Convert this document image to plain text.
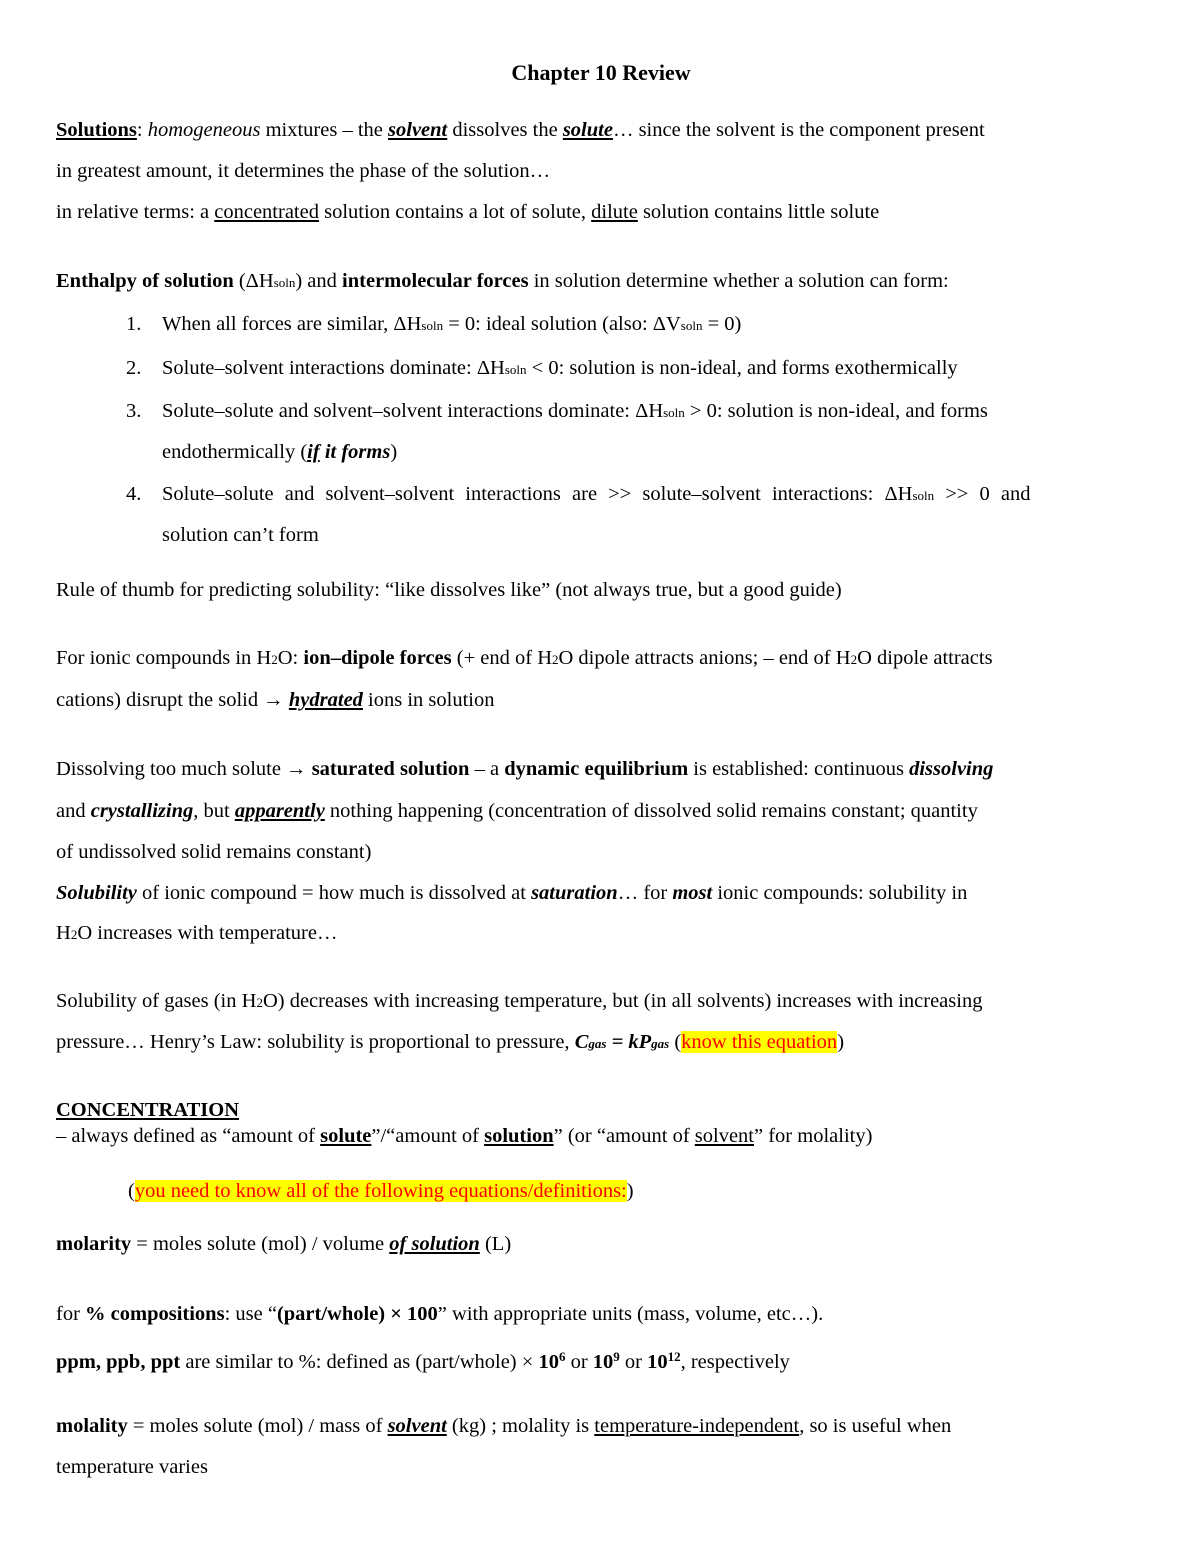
Chapter 10 Review
Solutions: homogeneous mixtures – the solvent dissolves the solute… since the solvent is the component present
in greatest amount, it determines the phase of the solution…
in relative terms: a concentrated solution contains a lot of solute, dilute solution contains little solute
Enthalpy of solution (ΔHsoln) and intermolecular forces in solution determine whether a solution can form:
1. When all forces are similar, ΔHsoln = 0: ideal solution (also: ΔVsoln = 0)
2. Solute–solvent interactions dominate: ΔHsoln < 0: solution is non-ideal, and forms exothermically
3. Solute–solute and solvent–solvent interactions dominate: ΔHsoln > 0: solution is non-ideal, and forms
endothermically (if it forms)
4. Solute–solute and solvent–solvent interactions are >> solute–solvent interactions: ΔHsoln >> 0 and
solution can’t form
Rule of thumb for predicting solubility: “like dissolves like” (not always true, but a good guide)
For ionic compounds in H2O: ion–dipole forces (+ end of H2O dipole attracts anions; – end of H2O dipole attracts
cations) disrupt the solid → hydrated ions in solution
Dissolving too much solute → saturated solution – a dynamic equilibrium is established: continuous dissolving
and crystallizing, but apparently nothing happening (concentration of dissolved solid remains constant; quantity
of undissolved solid remains constant)
Solubility of ionic compound = how much is dissolved at saturation… for most ionic compounds: solubility in
H2O increases with temperature…
Solubility of gases (in H2O) decreases with increasing temperature, but (in all solvents) increases with increasing
pressure… Henry’s Law: solubility is proportional to pressure, Cgas = kPgas (know this equation)
CONCENTRATION
– always defined as “amount of solute”/“amount of solution” (or “amount of solvent” for molality)
(you need to know all of the following equations/definitions:)
molarity = moles solute (mol) / volume of solution (L)
for % compositions: use “(part/whole) × 100” with appropriate units (mass, volume, etc…).
ppm, ppb, ppt are similar to %: defined as (part/whole) × $10^6$ or $10^9$ or $10^{12}$, respectively
molality = moles solute (mol) / mass of solvent (kg) ; molality is temperature-independent, so is useful when
temperature varies
